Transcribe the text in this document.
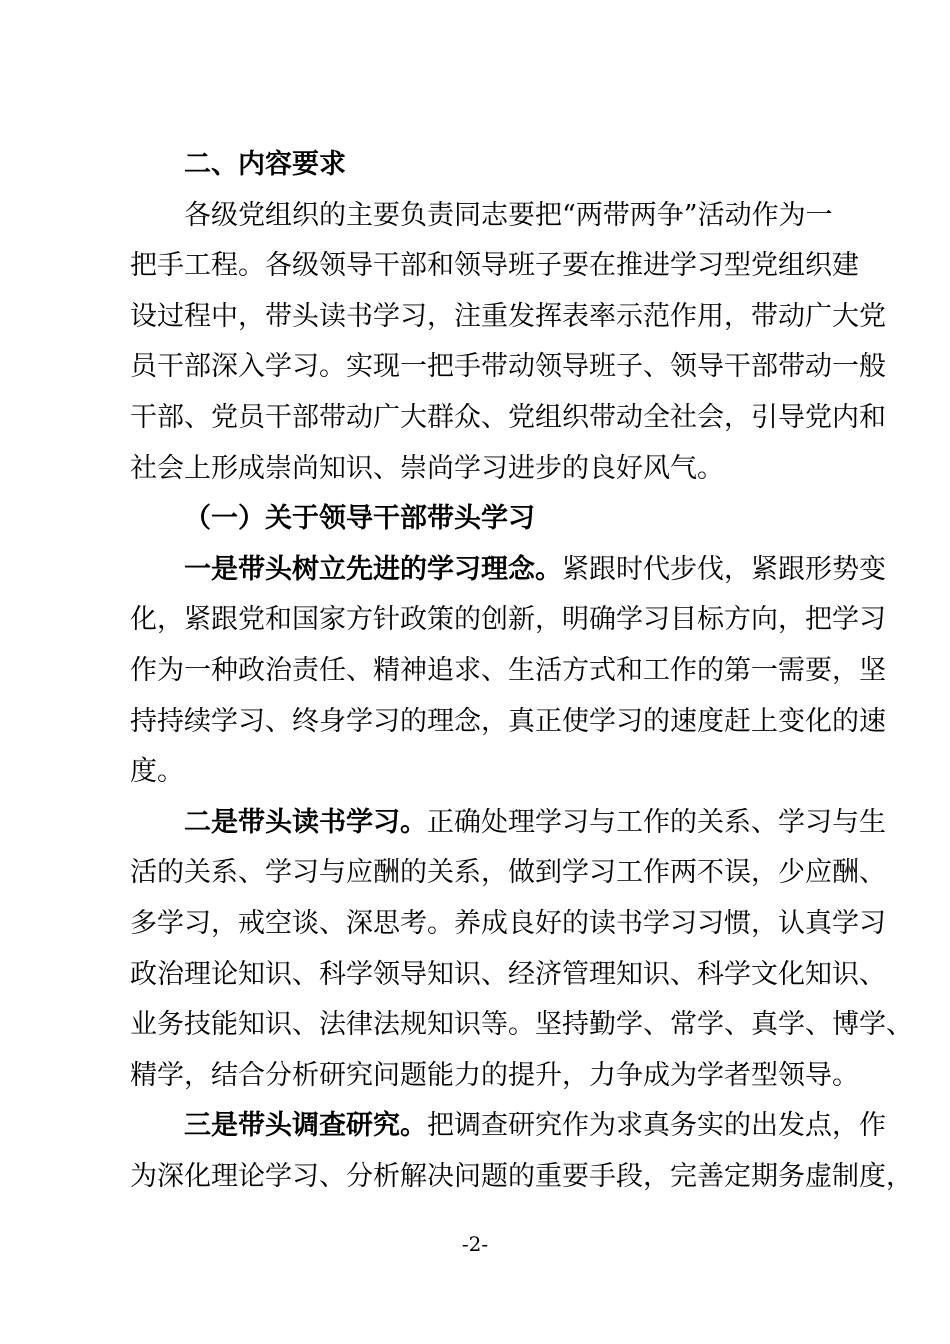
二、内容要求
各级党组织的主要负责同志要把“两带两争”活动作为一
把手工程。各级领导干部和领导班子要在推进学习型党组织建
设过程中，带头读书学习，注重发挥表率示范作用，带动广大党
员干部深入学习。实现一把手带动领导班子、领导干部带动一般
干部、党员干部带动广大群众、党组织带动全社会，引导党内和
社会上形成崇尚知识、崇尚学习进步的良好风气。
（一）关于领导干部带头学习
一是带头树立先进的学习理念。紧跟时代步伐，紧跟形势变
化，紧跟党和国家方针政策的创新，明确学习目标方向，把学习
作为一种政治责任、精神追求、生活方式和工作的第一需要，坚
持持续学习、终身学习的理念，真正使学习的速度赶上变化的速
度。
二是带头读书学习。正确处理学习与工作的关系、学习与生
活的关系、学习与应酬的关系，做到学习工作两不误，少应酬、
多学习，戒空谈、深思考。养成良好的读书学习习惯，认真学习
政治理论知识、科学领导知识、经济管理知识、科学文化知识、
业务技能知识、法律法规知识等。坚持勤学、常学、真学、博学、
精学，结合分析研究问题能力的提升，力争成为学者型领导。
三是带头调查研究。把调查研究作为求真务实的出发点，作
为深化理论学习、分析解决问题的重要手段，完善定期务虚制度，
-2-
